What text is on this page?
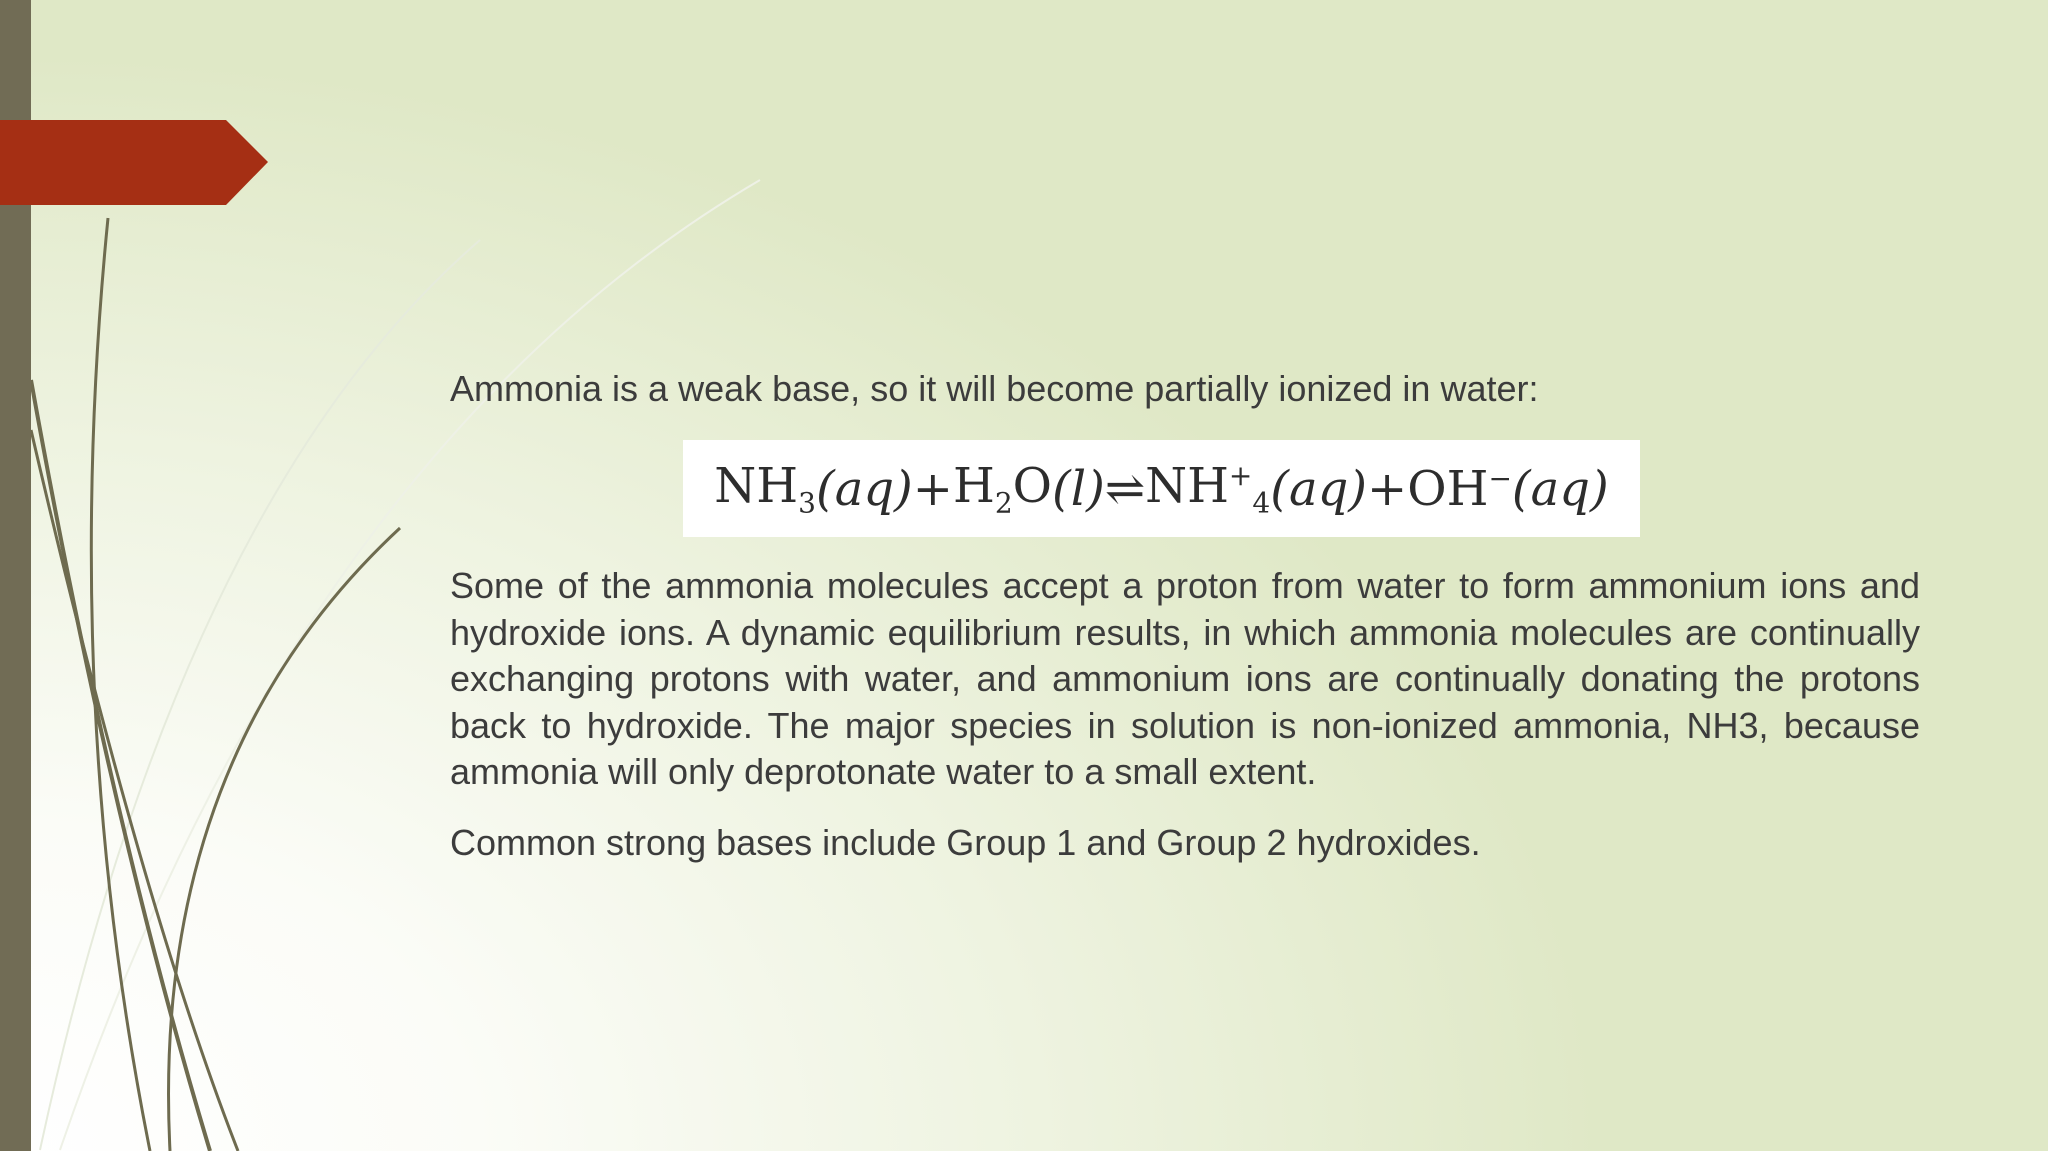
Ammonia is a weak base, so it will become partially ionized in water:

$NH_3$ $(aq) + H_2O$ (l) ⇌ $NH^+_4$ (aq) + OH− (aq)

Some of the ammonia molecules accept a proton from water to form ammonium ions and hydroxide ions. A dynamic equilibrium results, in which ammonia molecules are continually exchanging protons with water, and ammonium ions are continually donating the protons back to hydroxide. The major species in solution is non-ionized ammonia, NH3, because ammonia will only deprotonate water to a small extent.

Common strong bases include Group 1 and Group 2 hydroxides.
